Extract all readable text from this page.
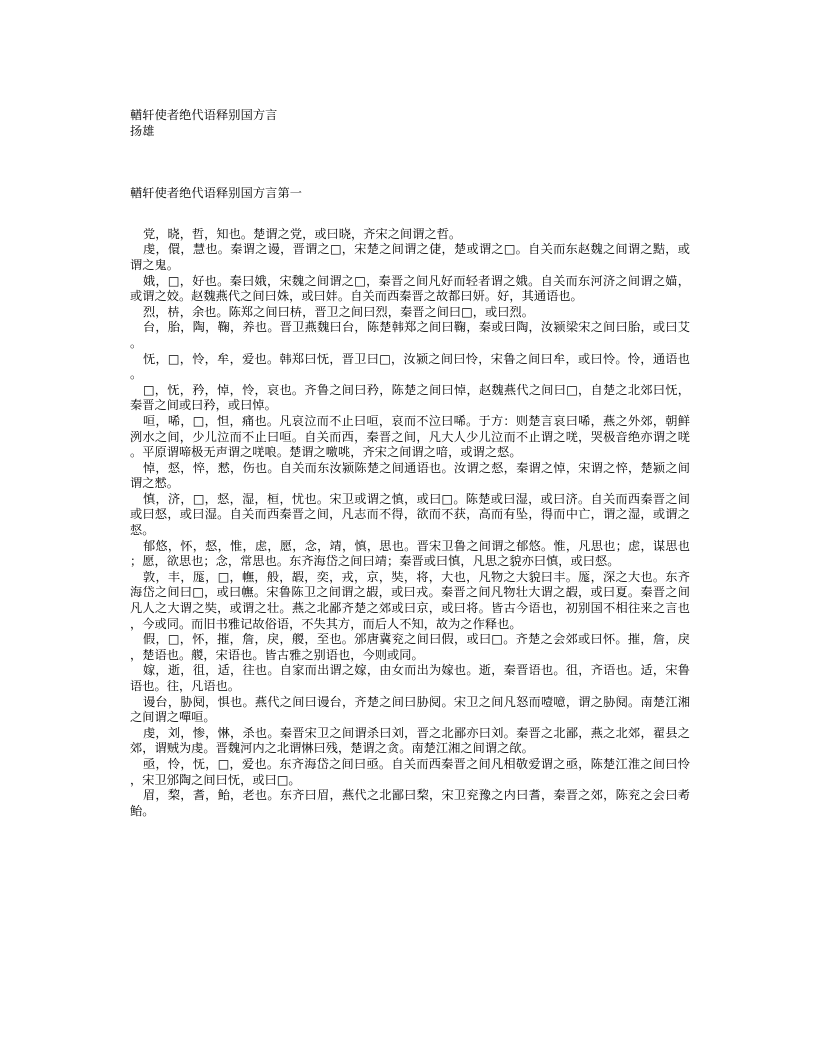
輶轩使者绝代语释别国方言
扬雄
輶轩使者绝代语释别国方言第一

党，晓，哲，知也。楚谓之党，或曰晓，齐宋之间谓之哲。

虔，儇，慧也。秦谓之谩，晋谓之□，宋楚之间谓之倢，楚或谓之□。自关而东赵魏之间谓之黠，或谓之鬼。

娥，□，好也。秦曰娥，宋魏之间谓之□，秦晋之间凡好而轻者谓之娥。自关而东河济之间谓之媌，或谓之姣。赵魏燕代之间曰姝，或曰妦。自关而西秦晋之故都曰妍。好，其通语也。

烈，枿，余也。陈郑之间曰枿，晋卫之间曰烈，秦晋之间曰□，或曰烈。

台，胎，陶，鞠，养也。晋卫燕魏曰台，陈楚韩郑之间曰鞠，秦或曰陶，汝颍梁宋之间曰胎，或曰艾。

怃，□，怜，牟，爱也。韩郑曰怃，晋卫曰□，汝颍之间曰怜，宋鲁之间曰牟，或曰怜。怜，通语也。

□，怃，矜，悼，怜，哀也。齐鲁之间曰矜，陈楚之间曰悼，赵魏燕代之间曰□，自楚之北郊曰怃，秦晋之间或曰矜，或曰悼。

咺，唏，□，怛，痛也。凡哀泣而不止曰咺，哀而不泣曰唏。于方：则楚言哀曰唏，燕之外郊，朝鲜洌水之间，少儿泣而不止曰咺。自关而西，秦晋之间，凡大人少儿泣而不止谓之唴，哭极音绝亦谓之唴。平原谓啼极无声谓之唴哴。楚谓之噭咷，齐宋之间谓之喑，或谓之惄。

悼，惄，悴，憖，伤也。自关而东汝颍陈楚之间通语也。汝谓之惄，秦谓之悼，宋谓之悴，楚颍之间谓之憖。

慎，济，□，惄，湿，桓，忧也。宋卫或谓之慎，或曰□。陈楚或曰湿，或曰济。自关而西秦晋之间或曰惄，或曰湿。自关而西秦晋之间，凡志而不得，欲而不获，高而有坠，得而中亡，谓之湿，或谓之惄。

郁悠，怀，惄，惟，虑，愿，念，靖，慎，思也。晋宋卫鲁之间谓之郁悠。惟，凡思也；虑，谋思也；愿，欲思也；念，常思也。东齐海岱之间曰靖；秦晋或曰慎，凡思之貌亦曰慎，或曰惄。

敦，丰，厖，□，幠，般，嘏，奕，戎，京，奘，将，大也，凡物之大貌曰丰。厖，深之大也。东齐海岱之间曰□，或曰幠。宋鲁陈卫之间谓之嘏，或曰戎。秦晋之间凡物壮大谓之嘏，或曰夏。秦晋之间凡人之大谓之奘，或谓之壮。燕之北鄙齐楚之郊或曰京，或曰将。皆古今语也，初别国不相往来之言也，今或同。而旧书雅记故俗语，不失其方，而后人不知，故为之作释也。

假，□，怀，摧，詹，戾，艐，至也。邠唐冀兖之间曰假，或曰□。齐楚之会郊或曰怀。摧，詹，戾，楚语也。艐，宋语也。皆古雅之别语也，今则或同。

嫁，逝，徂，适，往也。自家而出谓之嫁，由女而出为嫁也。逝，秦晋语也。徂，齐语也。适，宋鲁语也。往，凡语也。

谩台，胁阋，惧也。燕代之间曰谩台，齐楚之间曰胁阋。宋卫之间凡怒而噎噫，谓之胁阋。南楚江湘之间谓之嘽咺。

虔，刘，惨，惏，杀也。秦晋宋卫之间谓杀曰刘，晋之北鄙亦曰刘。秦晋之北鄙，燕之北郊，翟县之郊，谓贼为虔。晋魏河内之北谓惏曰残，楚谓之贪。南楚江湘之间谓之欿。

亟，怜，怃，□，爱也。东齐海岱之间曰亟。自关而西秦晋之间凡相敬爱谓之亟，陈楚江淮之间曰怜，宋卫邠陶之间曰怃，或曰□。

眉，棃，耆，鲐，老也。东齐曰眉，燕代之北鄙曰棃，宋卫兖豫之内曰耆，秦晋之郊，陈兖之会曰耇鲐。
